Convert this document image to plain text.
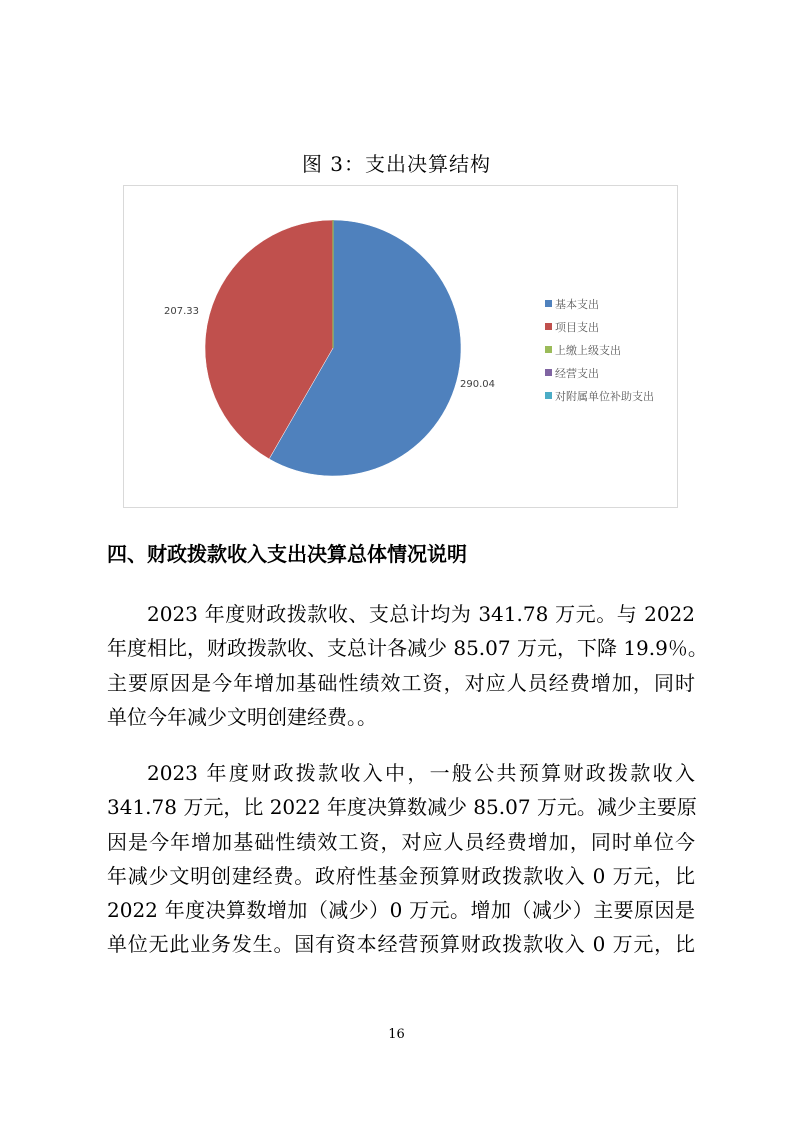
图 3：支出决算结构
290.04
207.33
基本支出
项目支出
上缴上级支出
经营支出
对附属单位补助支出
四、财政拨款收入支出决算总体情况说明
2023 年度财政拨款收、支总计均为 341.78 万元。与 2022
年度相比，财政拨款收、支总计各减少 85.07 万元，下降 19.9％。
主要原因是今年增加基础性绩效工资，对应人员经费增加，同时
单位今年减少文明创建经费。。
2023 年度财政拨款收入中，一般公共预算财政拨款收入
341.78 万元，比 2022 年度决算数减少 85.07 万元。减少主要原
因是今年增加基础性绩效工资，对应人员经费增加，同时单位今
年减少文明创建经费。政府性基金预算财政拨款收入 0 万元，比
2022 年度决算数增加（减少）0 万元。增加（减少）主要原因是
单位无此业务发生。国有资本经营预算财政拨款收入 0 万元，比
16
